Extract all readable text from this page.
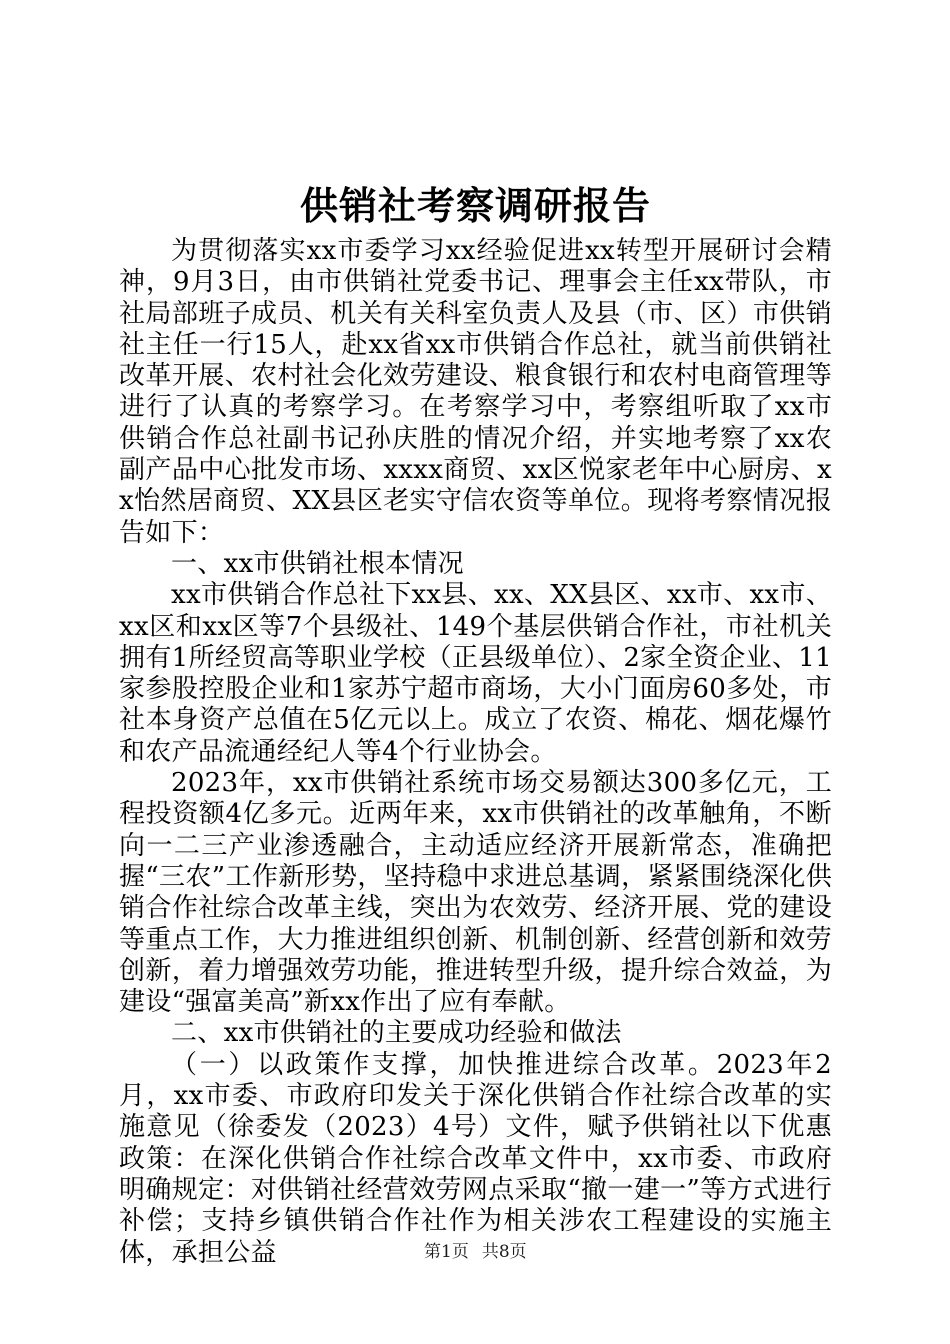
供销社考察调研报告

为贯彻落实xx市委学习xx经验促进xx转型开展研讨会精神，9月3日，由市供销社党委书记、理事会主任xx带队，市社局部班子成员、机关有关科室负责人及县（市、区）市供销社主任一行15人，赴xx省xx市供销合作总社，就当前供销社改革开展、农村社会化效劳建设、粮食银行和农村电商管理等进行了认真的考察学习。在考察学习中，考察组听取了xx市供销合作总社副书记孙庆胜的情况介绍，并实地考察了xx农副产品中心批发市场、xxxx商贸、xx区悦家老年中心厨房、xx怡然居商贸、XX县区老实守信农资等单位。现将考察情况报告如下：

一、xx市供销社根本情况

xx市供销合作总社下xx县、xx、XX县区、xx市、xx市、xx区和xx区等7个县级社、149个基层供销合作社，市社机关拥有1所经贸高等职业学校（正县级单位）、2家全资企业、11家参股控股企业和1家苏宁超市商场，大小门面房60多处，市社本身资产总值在5亿元以上。成立了农资、棉花、烟花爆竹和农产品流通经纪人等4个行业协会。

2023年，xx市供销社系统市场交易额达300多亿元，工程投资额4亿多元。近两年来，xx市供销社的改革触角，不断向一二三产业渗透融合，主动适应经济开展新常态，准确把握“三农”工作新形势，坚持稳中求进总基调，紧紧围绕深化供销合作社综合改革主线，突出为农效劳、经济开展、党的建设等重点工作，大力推进组织创新、机制创新、经营创新和效劳创新，着力增强效劳功能，推进转型升级，提升综合效益，为建设“强富美高”新xx作出了应有奉献。

二、xx市供销社的主要成功经验和做法

（一）以政策作支撑，加快推进综合改革。2023年2月，xx市委、市政府印发关于深化供销合作社综合改革的实施意见（徐委发（2023）4号）文件，赋予供销社以下优惠政策：在深化供销合作社综合改革文件中，xx市委、市政府明确规定：对供销社经营效劳网点采取“撤一建一”等方式进行补偿；支持乡镇供销合作社作为相关涉农工程建设的实施主体，承担公益	第1页 共8页
